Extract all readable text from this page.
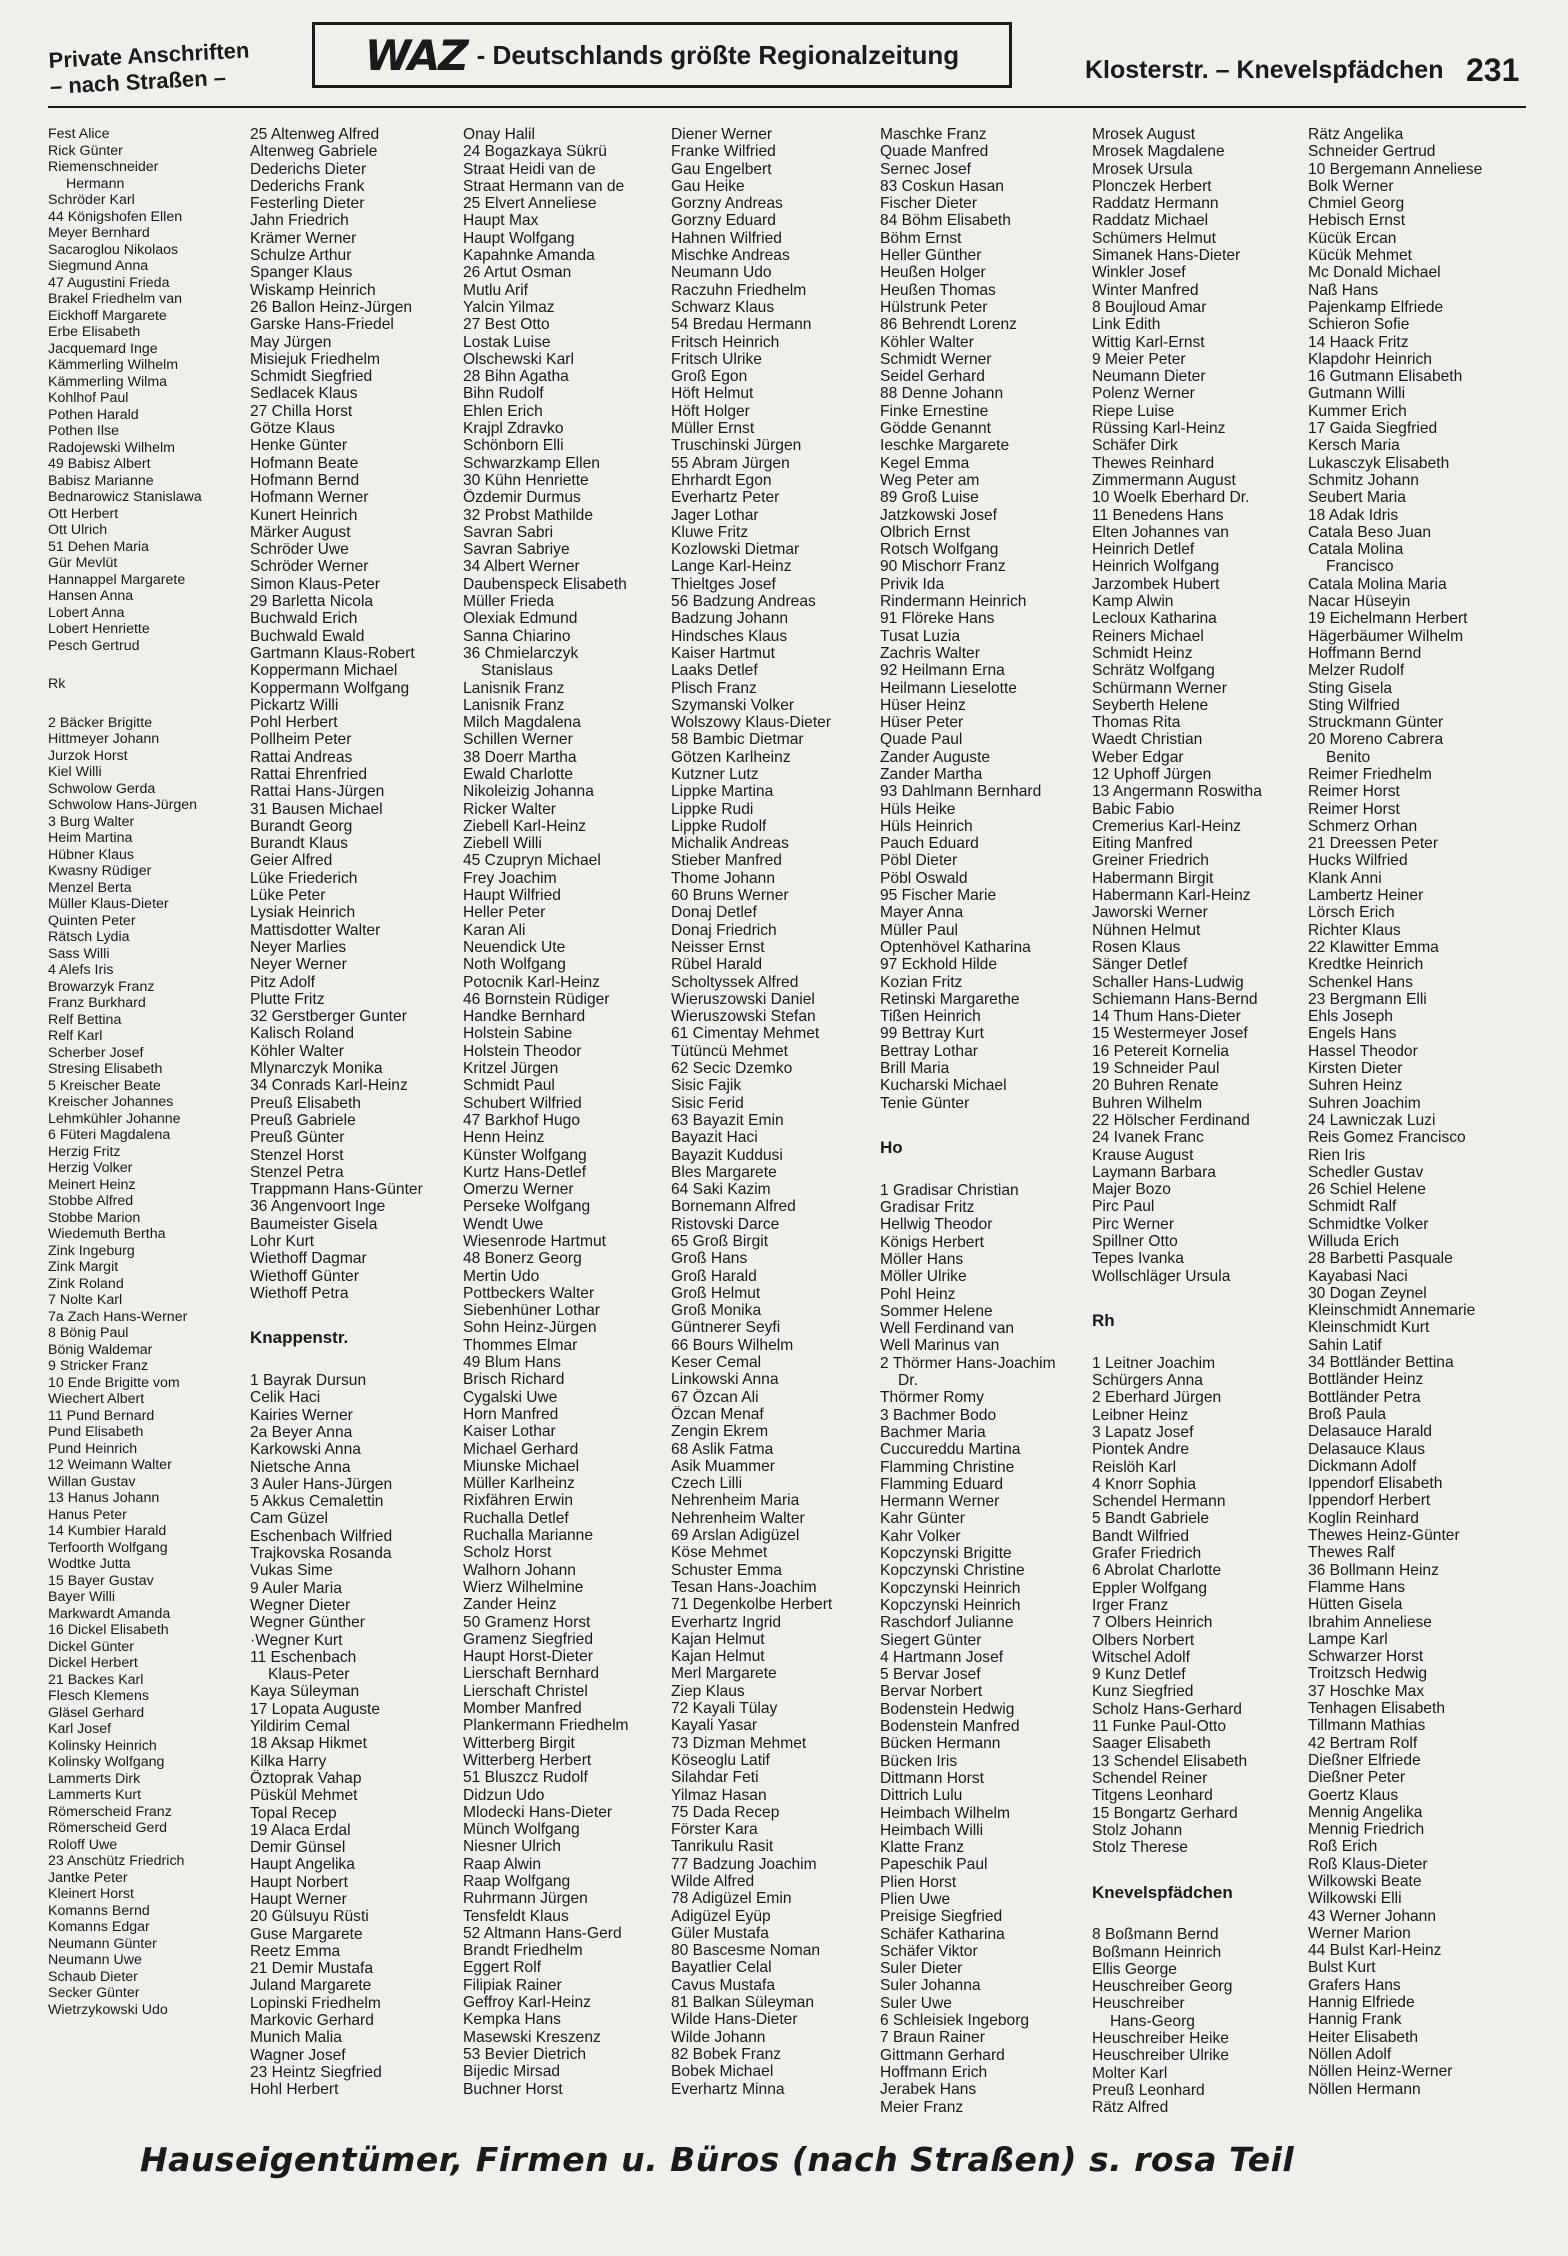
Private Anschriften
– nach Straßen –
WAZ - Deutschlands größte Regionalzeitung
Klosterstr. – Knevelspfädchen 231
Fest Alice
Rick Günter
Riemenschneider
Hermann
Schröder Karl
44 Königshofen Ellen
Meyer Bernhard
Sacaroglou Nikolaos
Siegmund Anna
47 Augustini Frieda
Brakel Friedhelm van
Eickhoff Margarete
Erbe Elisabeth
Jacquemard Inge
Kämmerling Wilhelm
Kämmerling Wilma
Kohlhof Paul
Pothen Harald
Pothen Ilse
Radojewski Wilhelm
49 Babisz Albert
Babisz Marianne
Bednarowicz Stanislawa
Ott Herbert
Ott Ulrich
51 Dehen Maria
Gür Mevlüt
Hannappel Margarete
Hansen Anna
Lobert Anna
Lobert Henriette
Pesch Gertrud
Rk
2 Bäcker Brigitte
Hittmeyer Johann
Jurzok Horst
Kiel Willi
Schwolow Gerda
Schwolow Hans-Jürgen
3 Burg Walter
Heim Martina
Hübner Klaus
Kwasny Rüdiger
Menzel Berta
Müller Klaus-Dieter
Quinten Peter
Rätsch Lydia
Sass Willi
4 Alefs Iris
Browarzyk Franz
Franz Burkhard
Relf Bettina
Relf Karl
Scherber Josef
Stresing Elisabeth
5 Kreischer Beate
Kreischer Johannes
Lehmkühler Johanne
6 Füteri Magdalena
Herzig Fritz
Herzig Volker
Meinert Heinz
Stobbe Alfred
Stobbe Marion
Wiedemuth Bertha
Zink Ingeburg
Zink Margit
Zink Roland
7 Nolte Karl
7a Zach Hans-Werner
8 Bönig Paul
Bönig Waldemar
9 Stricker Franz
10 Ende Brigitte vom
Wiechert Albert
11 Pund Bernard
Pund Elisabeth
Pund Heinrich
12 Weimann Walter
Willan Gustav
13 Hanus Johann
Hanus Peter
14 Kumbier Harald
Terfoorth Wolfgang
Wodtke Jutta
15 Bayer Gustav
Bayer Willi
Markwardt Amanda
16 Dickel Elisabeth
Dickel Günter
Dickel Herbert
21 Backes Karl
Flesch Klemens
Gläsel Gerhard
Karl Josef
Kolinsky Heinrich
Kolinsky Wolfgang
Lammerts Dirk
Lammerts Kurt
Römerscheid Franz
Römerscheid Gerd
Roloff Uwe
23 Anschütz Friedrich
Jantke Peter
Kleinert Horst
Komanns Bernd
Komanns Edgar
Neumann Günter
Neumann Uwe
Schaub Dieter
Secker Günter
Wietrzykowski Udo
25 Altenweg Alfred
Altenweg Gabriele
Dederichs Dieter
Dederichs Frank
Festerling Dieter
Jahn Friedrich
Krämer Werner
Schulze Arthur
Spanger Klaus
Wiskamp Heinrich
26 Ballon Heinz-Jürgen
Garske Hans-Friedel
May Jürgen
Misiejuk Friedhelm
Schmidt Siegfried
Sedlacek Klaus
27 Chilla Horst
Götze Klaus
Henke Günter
Hofmann Beate
Hofmann Bernd
Hofmann Werner
Kunert Heinrich
Märker August
Schröder Uwe
Schröder Werner
Simon Klaus-Peter
29 Barletta Nicola
Buchwald Erich
Buchwald Ewald
Gartmann Klaus-Robert
Koppermann Michael
Koppermann Wolfgang
Pickartz Willi
Pohl Herbert
Pollheim Peter
Rattai Andreas
Rattai Ehrenfried
Rattai Hans-Jürgen
31 Bausen Michael
Burandt Georg
Burandt Klaus
Geier Alfred
Lüke Friederich
Lüke Peter
Lysiak Heinrich
Mattisdotter Walter
Neyer Marlies
Neyer Werner
Pitz Adolf
Plutte Fritz
32 Gerstberger Gunter
Kalisch Roland
Köhler Walter
Mlynarczyk Monika
34 Conrads Karl-Heinz
Preuß Elisabeth
Preuß Gabriele
Preuß Günter
Stenzel Horst
Stenzel Petra
Trappmann Hans-Günter
36 Angenvoort Inge
Baumeister Gisela
Lohr Kurt
Wiethoff Dagmar
Wiethoff Günter
Wiethoff Petra
Knappenstr.
1 Bayrak Dursun
Celik Haci
Kairies Werner
2a Beyer Anna
Karkowski Anna
Nietsche Anna
3 Auler Hans-Jürgen
5 Akkus Cemalettin
Cam Güzel
Eschenbach Wilfried
Trajkovska Rosanda
Vukas Sime
9 Auler Maria
Wegner Dieter
Wegner Günther
·Wegner Kurt
11 Eschenbach
Klaus-Peter
Kaya Süleyman
17 Lopata Auguste
Yildirim Cemal
18 Aksap Hikmet
Kilka Harry
Öztoprak Vahap
Püskül Mehmet
Topal Recep
19 Alaca Erdal
Demir Günsel
Haupt Angelika
Haupt Norbert
Haupt Werner
20 Gülsuyu Rüsti
Guse Margarete
Reetz Emma
21 Demir Mustafa
Juland Margarete
Lopinski Friedhelm
Markovic Gerhard
Munich Malia
Wagner Josef
23 Heintz Siegfried
Hohl Herbert
Onay Halil
24 Bogazkaya Sükrü
Straat Heidi van de
Straat Hermann van de
25 Elvert Anneliese
Haupt Max
Haupt Wolfgang
Kapahnke Amanda
26 Artut Osman
Mutlu Arif
Yalcin Yilmaz
27 Best Otto
Lostak Luise
Olschewski Karl
28 Bihn Agatha
Bihn Rudolf
Ehlen Erich
Krajpl Zdravko
Schönborn Elli
Schwarzkamp Ellen
30 Kühn Henriette
Özdemir Durmus
32 Probst Mathilde
Savran Sabri
Savran Sabriye
34 Albert Werner
Daubenspeck Elisabeth
Müller Frieda
Olexiak Edmund
Sanna Chiarino
36 Chmielarczyk
Stanislaus
Lanisnik Franz
Lanisnik Franz
Milch Magdalena
Schillen Werner
38 Doerr Martha
Ewald Charlotte
Nikoleizig Johanna
Ricker Walter
Ziebell Karl-Heinz
Ziebell Willi
45 Czupryn Michael
Frey Joachim
Haupt Wilfried
Heller Peter
Karan Ali
Neuendick Ute
Noth Wolfgang
Potocnik Karl-Heinz
46 Bornstein Rüdiger
Handke Bernhard
Holstein Sabine
Holstein Theodor
Kritzel Jürgen
Schmidt Paul
Schubert Wilfried
47 Barkhof Hugo
Henn Heinz
Künster Wolfgang
Kurtz Hans-Detlef
Omerzu Werner
Perseke Wolfgang
Wendt Uwe
Wiesenrode Hartmut
48 Bonerz Georg
Mertin Udo
Pottbeckers Walter
Siebenhüner Lothar
Sohn Heinz-Jürgen
Thommes Elmar
49 Blum Hans
Brisch Richard
Cygalski Uwe
Horn Manfred
Kaiser Lothar
Michael Gerhard
Miunske Michael
Müller Karlheinz
Rixfähren Erwin
Ruchalla Detlef
Ruchalla Marianne
Scholz Horst
Walhorn Johann
Wierz Wilhelmine
Zander Heinz
50 Gramenz Horst
Gramenz Siegfried
Haupt Horst-Dieter
Lierschaft Bernhard
Lierschaft Christel
Momber Manfred
Plankermann Friedhelm
Witterberg Birgit
Witterberg Herbert
51 Bluszcz Rudolf
Didzun Udo
Mlodecki Hans-Dieter
Münch Wolfgang
Niesner Ulrich
Raap Alwin
Raap Wolfgang
Ruhrmann Jürgen
Tensfeldt Klaus
52 Altmann Hans-Gerd
Brandt Friedhelm
Eggert Rolf
Filipiak Rainer
Geffroy Karl-Heinz
Kempka Hans
Masewski Kreszenz
53 Bevier Dietrich
Bijedic Mirsad
Buchner Horst
Diener Werner
Franke Wilfried
Gau Engelbert
Gau Heike
Gorzny Andreas
Gorzny Eduard
Hahnen Wilfried
Mischke Andreas
Neumann Udo
Raczuhn Friedhelm
Schwarz Klaus
54 Bredau Hermann
Fritsch Heinrich
Fritsch Ulrike
Groß Egon
Höft Helmut
Höft Holger
Müller Ernst
Truschinski Jürgen
55 Abram Jürgen
Ehrhardt Egon
Everhartz Peter
Jager Lothar
Kluwe Fritz
Kozlowski Dietmar
Lange Karl-Heinz
Thieltges Josef
56 Badzung Andreas
Badzung Johann
Hindsches Klaus
Kaiser Hartmut
Laaks Detlef
Plisch Franz
Szymanski Volker
Wolszowy Klaus-Dieter
58 Bambic Dietmar
Götzen Karlheinz
Kutzner Lutz
Lippke Martina
Lippke Rudi
Lippke Rudolf
Michalik Andreas
Stieber Manfred
Thome Johann
60 Bruns Werner
Donaj Detlef
Donaj Friedrich
Neisser Ernst
Rübel Harald
Scholtyssek Alfred
Wieruszowski Daniel
Wieruszowski Stefan
61 Cimentay Mehmet
Tütüncü Mehmet
62 Secic Dzemko
Sisic Fajik
Sisic Ferid
63 Bayazit Emin
Bayazit Haci
Bayazit Kuddusi
Bles Margarete
64 Saki Kazim
Bornemann Alfred
Ristovski Darce
65 Groß Birgit
Groß Hans
Groß Harald
Groß Helmut
Groß Monika
Güntnerer Seyfi
66 Bours Wilhelm
Keser Cemal
Linkowski Anna
67 Özcan Ali
Özcan Menaf
Zengin Ekrem
68 Aslik Fatma
Asik Muammer
Czech Lilli
Nehrenheim Maria
Nehrenheim Walter
69 Arslan Adigüzel
Köse Mehmet
Schuster Emma
Tesan Hans-Joachim
71 Degenkolbe Herbert
Everhartz Ingrid
Kajan Helmut
Kajan Helmut
Merl Margarete
Ziep Klaus
72 Kayali Tülay
Kayali Yasar
73 Dizman Mehmet
Köseoglu Latif
Silahdar Feti
Yilmaz Hasan
75 Dada Recep
Förster Kara
Tanrikulu Rasit
77 Badzung Joachim
Wilde Alfred
78 Adigüzel Emin
Adigüzel Eyüp
Güler Mustafa
80 Bascesme Noman
Bayatlier Celal
Cavus Mustafa
81 Balkan Süleyman
Wilde Hans-Dieter
Wilde Johann
82 Bobek Franz
Bobek Michael
Everhartz Minna
Maschke Franz
Quade Manfred
Sernec Josef
83 Coskun Hasan
Fischer Dieter
84 Böhm Elisabeth
Böhm Ernst
Heller Günther
Heußen Holger
Heußen Thomas
Hülstrunk Peter
86 Behrendt Lorenz
Köhler Walter
Schmidt Werner
Seidel Gerhard
88 Denne Johann
Finke Ernestine
Gödde Genannt
Ieschke Margarete
Kegel Emma
Weg Peter am
89 Groß Luise
Jatzkowski Josef
Olbrich Ernst
Rotsch Wolfgang
90 Mischorr Franz
Privik Ida
Rindermann Heinrich
91 Flöreke Hans
Tusat Luzia
Zachris Walter
92 Heilmann Erna
Heilmann Lieselotte
Hüser Heinz
Hüser Peter
Quade Paul
Zander Auguste
Zander Martha
93 Dahlmann Bernhard
Hüls Heike
Hüls Heinrich
Pauch Eduard
Pöbl Dieter
Pöbl Oswald
95 Fischer Marie
Mayer Anna
Müller Paul
Optenhövel Katharina
97 Eckhold Hilde
Kozian Fritz
Retinski Margarethe
Tißen Heinrich
99 Bettray Kurt
Bettray Lothar
Brill Maria
Kucharski Michael
Tenie Günter
Ho
1 Gradisar Christian
Gradisar Fritz
Hellwig Theodor
Königs Herbert
Möller Hans
Möller Ulrike
Pohl Heinz
Sommer Helene
Well Ferdinand van
Well Marinus van
2 Thörmer Hans-Joachim
Dr.
Thörmer Romy
3 Bachmer Bodo
Bachmer Maria
Cuccureddu Martina
Flamming Christine
Flamming Eduard
Hermann Werner
Kahr Günter
Kahr Volker
Kopczynski Brigitte
Kopczynski Christine
Kopczynski Heinrich
Kopczynski Heinrich
Raschdorf Julianne
Siegert Günter
4 Hartmann Josef
5 Bervar Josef
Bervar Norbert
Bodenstein Hedwig
Bodenstein Manfred
Bücken Hermann
Bücken Iris
Dittmann Horst
Dittrich Lulu
Heimbach Wilhelm
Heimbach Willi
Klatte Franz
Papeschik Paul
Plien Horst
Plien Uwe
Preisige Siegfried
Schäfer Katharina
Schäfer Viktor
Suler Dieter
Suler Johanna
Suler Uwe
6 Schleisiek Ingeborg
7 Braun Rainer
Gittmann Gerhard
Hoffmann Erich
Jerabek Hans
Meier Franz
Mrosek August
Mrosek Magdalene
Mrosek Ursula
Plonczek Herbert
Raddatz Hermann
Raddatz Michael
Schümers Helmut
Simanek Hans-Dieter
Winkler Josef
Winter Manfred
8 Boujloud Amar
Link Edith
Wittig Karl-Ernst
9 Meier Peter
Neumann Dieter
Polenz Werner
Riepe Luise
Rüssing Karl-Heinz
Schäfer Dirk
Thewes Reinhard
Zimmermann August
10 Woelk Eberhard Dr.
11 Benedens Hans
Elten Johannes van
Heinrich Detlef
Heinrich Wolfgang
Jarzombek Hubert
Kamp Alwin
Lecloux Katharina
Reiners Michael
Schmidt Heinz
Schrätz Wolfgang
Schürmann Werner
Seyberth Helene
Thomas Rita
Waedt Christian
Weber Edgar
12 Uphoff Jürgen
13 Angermann Roswitha
Babic Fabio
Cremerius Karl-Heinz
Eiting Manfred
Greiner Friedrich
Habermann Birgit
Habermann Karl-Heinz
Jaworski Werner
Nühnen Helmut
Rosen Klaus
Sänger Detlef
Schaller Hans-Ludwig
Schiemann Hans-Bernd
14 Thum Hans-Dieter
15 Westermeyer Josef
16 Petereit Kornelia
19 Schneider Paul
20 Buhren Renate
Buhren Wilhelm
22 Hölscher Ferdinand
24 Ivanek Franc
Krause August
Laymann Barbara
Majer Bozo
Pirc Paul
Pirc Werner
Spillner Otto
Tepes Ivanka
Wollschläger Ursula
Rh
1 Leitner Joachim
Schürgers Anna
2 Eberhard Jürgen
Leibner Heinz
3 Lapatz Josef
Piontek Andre
Reislöh Karl
4 Knorr Sophia
Schendel Hermann
5 Bandt Gabriele
Bandt Wilfried
Grafer Friedrich
6 Abrolat Charlotte
Eppler Wolfgang
Irger Franz
7 Olbers Heinrich
Olbers Norbert
Witschel Adolf
9 Kunz Detlef
Kunz Siegfried
Scholz Hans-Gerhard
11 Funke Paul-Otto
Saager Elisabeth
13 Schendel Elisabeth
Schendel Reiner
Titgens Leonhard
15 Bongartz Gerhard
Stolz Johann
Stolz Therese
Knevelspfädchen
8 Boßmann Bernd
Boßmann Heinrich
Ellis George
Heuschreiber Georg
Heuschreiber
Hans-Georg
Heuschreiber Heike
Heuschreiber Ulrike
Molter Karl
Preuß Leonhard
Rätz Alfred
Rätz Angelika
Schneider Gertrud
10 Bergemann Anneliese
Bolk Werner
Chmiel Georg
Hebisch Ernst
Kücük Ercan
Kücük Mehmet
Mc Donald Michael
Naß Hans
Pajenkamp Elfriede
Schieron Sofie
14 Haack Fritz
Klapdohr Heinrich
16 Gutmann Elisabeth
Gutmann Willi
Kummer Erich
17 Gaida Siegfried
Kersch Maria
Lukasczyk Elisabeth
Schmitz Johann
Seubert Maria
18 Adak Idris
Catala Beso Juan
Catala Molina
Francisco
Catala Molina Maria
Nacar Hüseyin
19 Eichelmann Herbert
Hägerbäumer Wilhelm
Hoffmann Bernd
Melzer Rudolf
Sting Gisela
Sting Wilfried
Struckmann Günter
20 Moreno Cabrera
Benito
Reimer Friedhelm
Reimer Horst
Reimer Horst
Schmerz Orhan
21 Dreessen Peter
Hucks Wilfried
Klank Anni
Lambertz Heiner
Lörsch Erich
Richter Klaus
22 Klawitter Emma
Kredtke Heinrich
Schenkel Hans
23 Bergmann Elli
Ehls Joseph
Engels Hans
Hassel Theodor
Kirsten Dieter
Suhren Heinz
Suhren Joachim
24 Lawniczak Luzi
Reis Gomez Francisco
Rien Iris
Schedler Gustav
26 Schiel Helene
Schmidt Ralf
Schmidtke Volker
Willuda Erich
28 Barbetti Pasquale
Kayabasi Naci
30 Dogan Zeynel
Kleinschmidt Annemarie
Kleinschmidt Kurt
Sahin Latif
34 Bottländer Bettina
Bottländer Heinz
Bottländer Petra
Broß Paula
Delasauce Harald
Delasauce Klaus
Dickmann Adolf
Ippendorf Elisabeth
Ippendorf Herbert
Koglin Reinhard
Thewes Heinz-Günter
Thewes Ralf
36 Bollmann Heinz
Flamme Hans
Hütten Gisela
Ibrahim Anneliese
Lampe Karl
Schwarzer Horst
Troitzsch Hedwig
37 Hoschke Max
Tenhagen Elisabeth
Tillmann Mathias
42 Bertram Rolf
Dießner Elfriede
Dießner Peter
Goertz Klaus
Mennig Angelika
Mennig Friedrich
Roß Erich
Roß Klaus-Dieter
Wilkowski Beate
Wilkowski Elli
43 Werner Johann
Werner Marion
44 Bulst Karl-Heinz
Bulst Kurt
Grafers Hans
Hannig Elfriede
Hannig Frank
Heiter Elisabeth
Nöllen Adolf
Nöllen Heinz-Werner
Nöllen Hermann
Hauseigentümer, Firmen u. Büros (nach Straßen) s. rosa Teil
